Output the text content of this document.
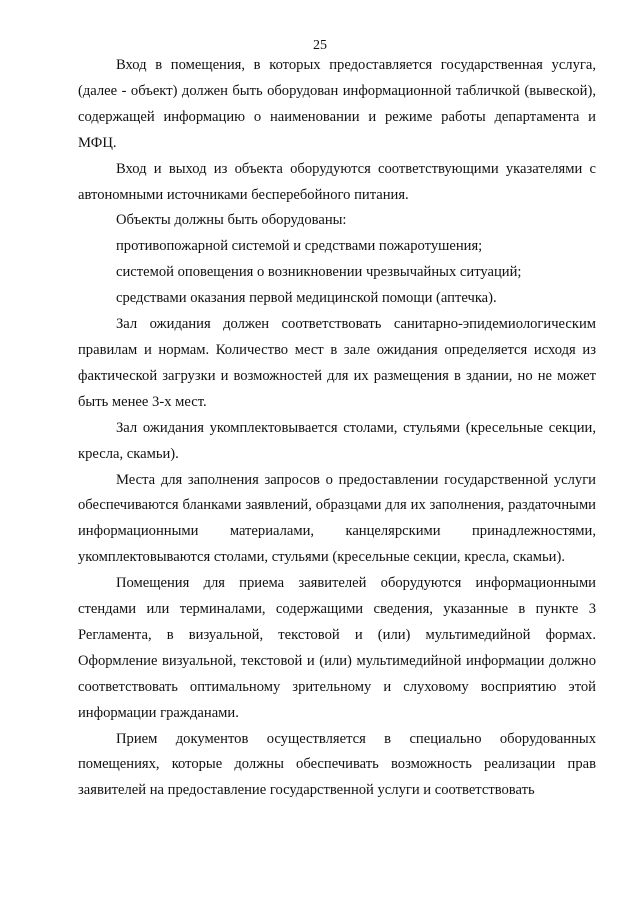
25

Вход в помещения, в которых предоставляется государственная услуга, (далее - объект) должен быть оборудован информационной табличкой (вывеской), содержащей информацию о наименовании и режиме работы департамента и МФЦ.

Вход и выход из объекта оборудуются соответствующими указателями с автономными источниками бесперебойного питания.

Объекты должны быть оборудованы:

противопожарной системой и средствами пожаротушения;

системой оповещения о возникновении чрезвычайных ситуаций;

средствами оказания первой медицинской помощи (аптечка).

Зал ожидания должен соответствовать санитарно-эпидемиологическим правилам и нормам. Количество мест в зале ожидания определяется исходя из фактической загрузки и возможностей для их размещения в здании, но не может быть менее 3-х мест.

Зал ожидания укомплектовывается столами, стульями (кресельные секции, кресла, скамьи).

Места для заполнения запросов о предоставлении государственной услуги обеспечиваются бланками заявлений, образцами для их заполнения, раздаточными информационными материалами, канцелярскими принадлежностями, укомплектовываются столами, стульями (кресельные секции, кресла, скамьи).

Помещения для приема заявителей оборудуются информационными стендами или терминалами, содержащими сведения, указанные в пункте 3 Регламента, в визуальной, текстовой и (или) мультимедийной формах. Оформление визуальной, текстовой и (или) мультимедийной информации должно соответствовать оптимальному зрительному и слуховому восприятию этой информации гражданами.

Прием документов осуществляется в специально оборудованных помещениях, которые должны обеспечивать возможность реализации прав заявителей на предоставление государственной услуги и соответствовать
